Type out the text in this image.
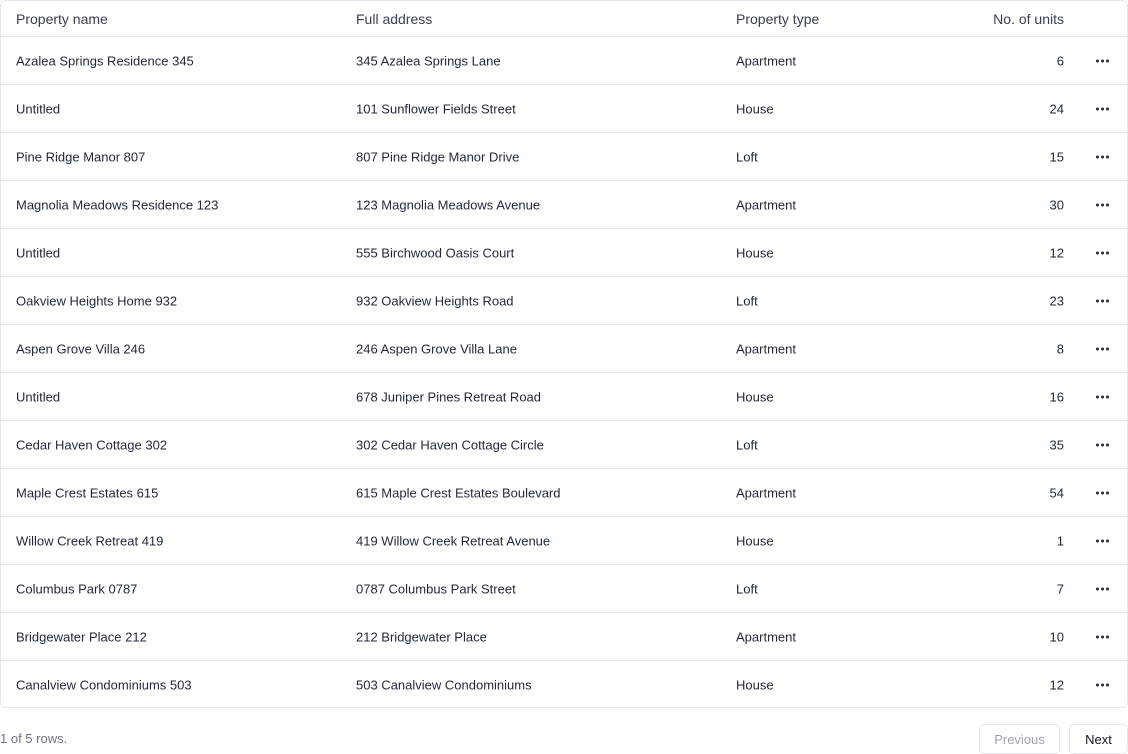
Property name	Full address	Property type	No. of units
Azalea Springs Residence 345	345 Azalea Springs Lane	Apartment	6
Untitled	101 Sunflower Fields Street	House	24
Pine Ridge Manor 807	807 Pine Ridge Manor Drive	Loft	15
Magnolia Meadows Residence 123	123 Magnolia Meadows Avenue	Apartment	30
Untitled	555 Birchwood Oasis Court	House	12
Oakview Heights Home 932	932 Oakview Heights Road	Loft	23
Aspen Grove Villa 246	246 Aspen Grove Villa Lane	Apartment	8
Untitled	678 Juniper Pines Retreat Road	House	16
Cedar Haven Cottage 302	302 Cedar Haven Cottage Circle	Loft	35
Maple Crest Estates 615	615 Maple Crest Estates Boulevard	Apartment	54
Willow Creek Retreat 419	419 Willow Creek Retreat Avenue	House	1
Columbus Park 0787	0787 Columbus Park Street	Loft	7
Bridgewater Place 212	212 Bridgewater Place	Apartment	10
Canalview Condominiums 503	503 Canalview Condominiums	House	12
1 of 5 rows.	Previous	Next
